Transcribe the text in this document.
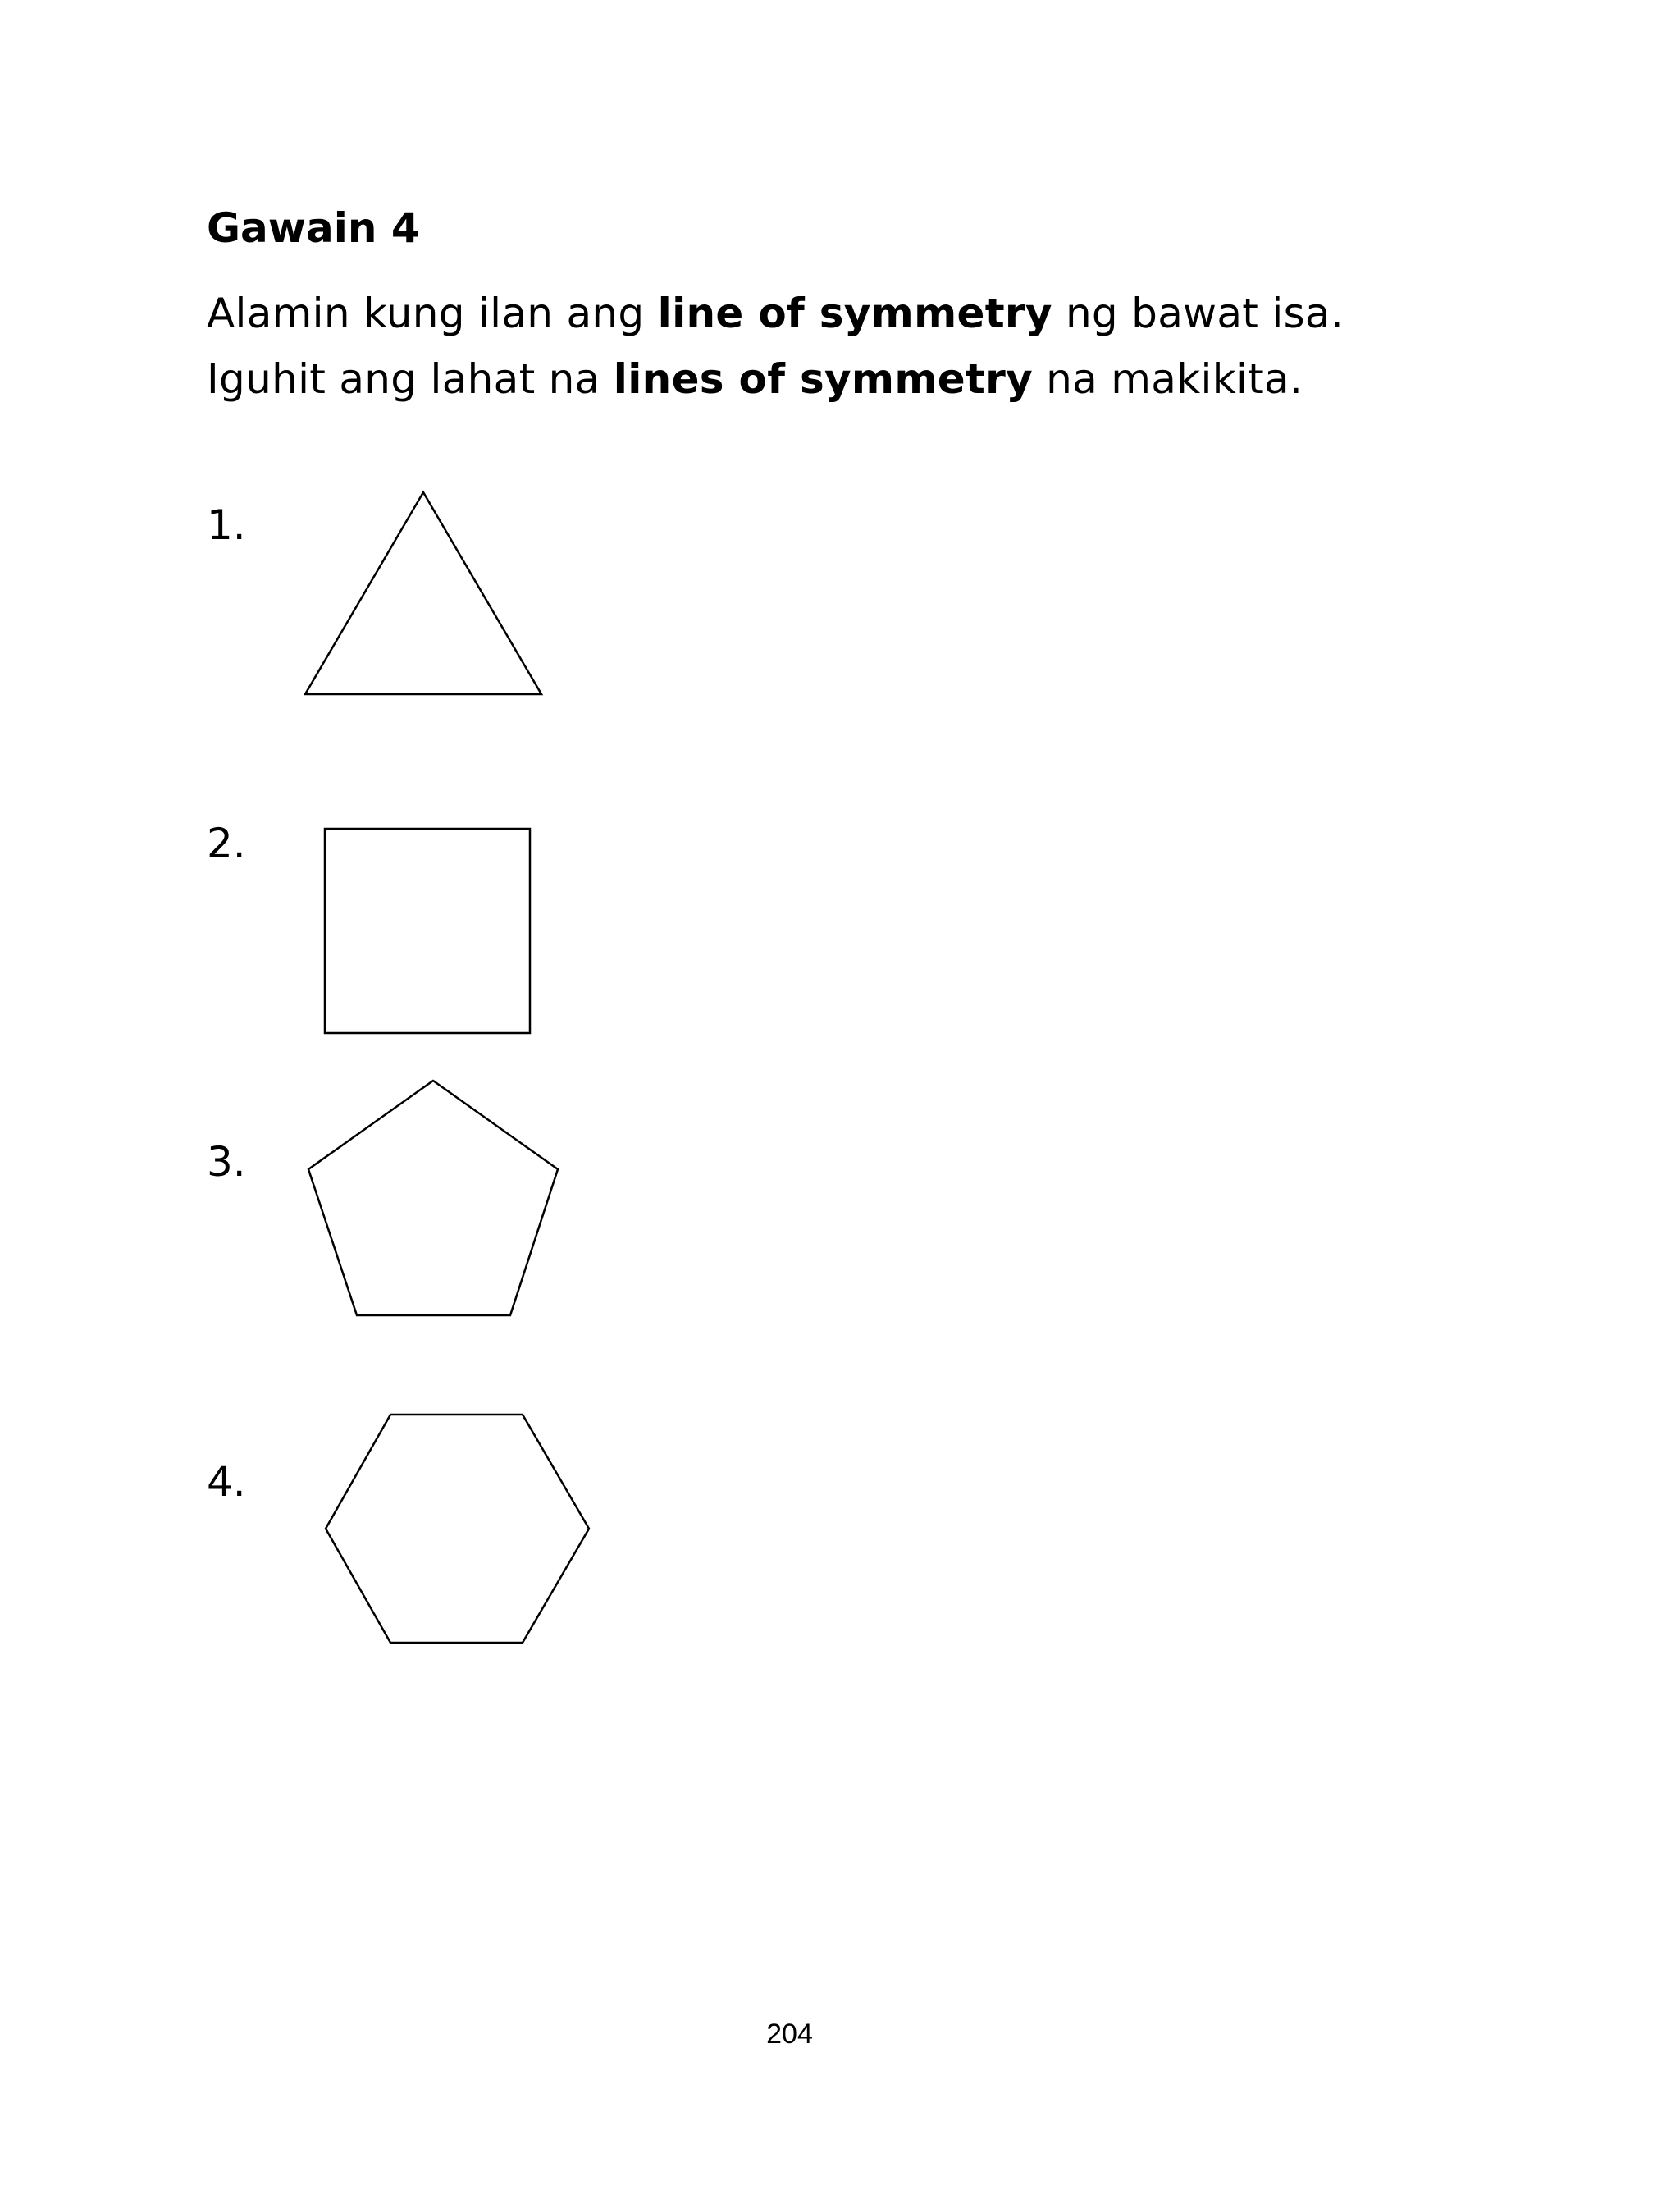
Gawain 4

Alamin kung ilan ang line of symmetry ng bawat isa.

Iguhit ang lahat na lines of symmetry na makikita.

1.
2.
3.
4.
204
